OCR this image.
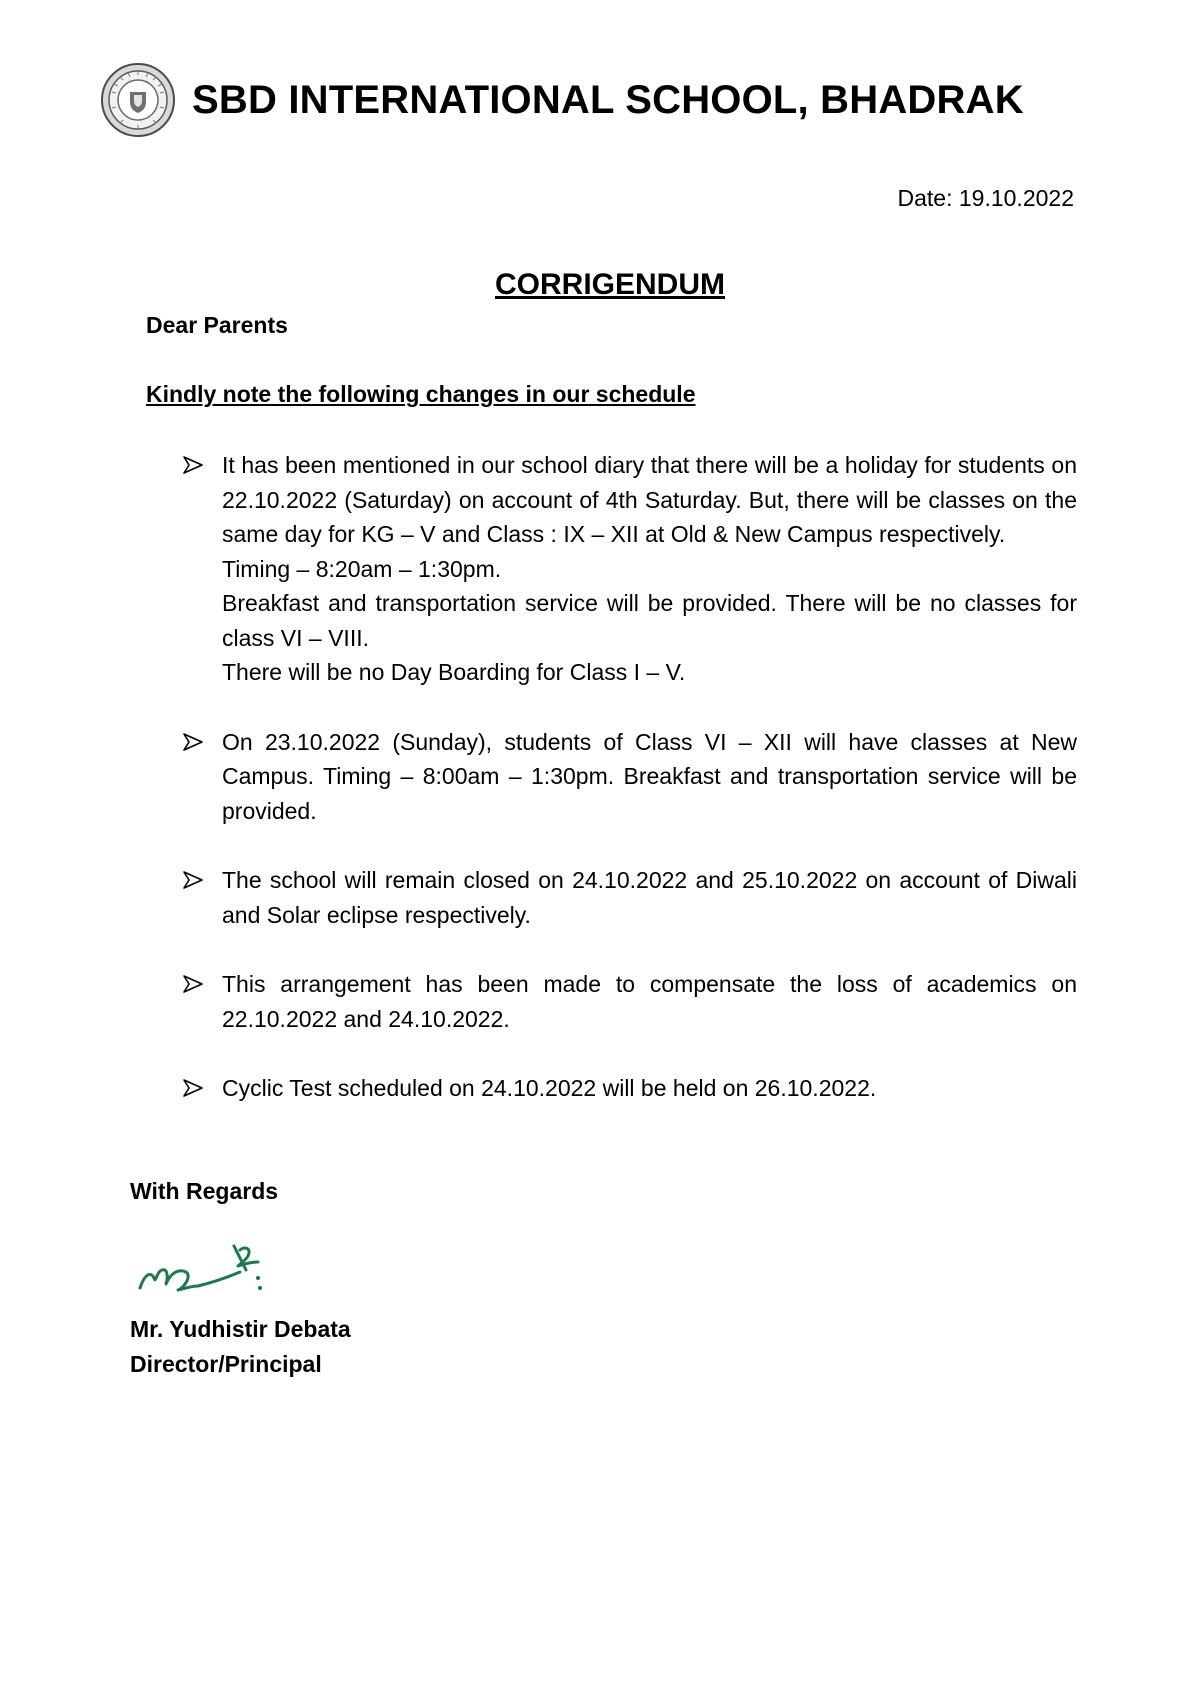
SBD INTERNATIONAL SCHOOL, BHADRAK
Date: 19.10.2022
CORRIGENDUM
Dear Parents
Kindly note the following changes in our schedule

It has been mentioned in our school diary that there will be a holiday for students on 22.10.2022 (Saturday) on account of 4th Saturday. But, there will be classes on the same day for KG – V and Class : IX – XII at Old & New Campus respectively.

Timing – 8:20am – 1:30pm.

Breakfast and transportation service will be provided. There will be no classes for class VI – VIII.

There will be no Day Boarding for Class I – V.

On 23.10.2022 (Sunday), students of Class VI – XII will have classes at New Campus. Timing – 8:00am – 1:30pm. Breakfast and transportation service will be provided.

The school will remain closed on 24.10.2022 and 25.10.2022 on account of Diwali and Solar eclipse respectively.

This arrangement has been made to compensate the loss of academics on 22.10.2022 and 24.10.2022.

Cyclic Test scheduled on 24.10.2022 will be held on 26.10.2022.

With Regards
Mr. Yudhistir Debata
Director/Principal
